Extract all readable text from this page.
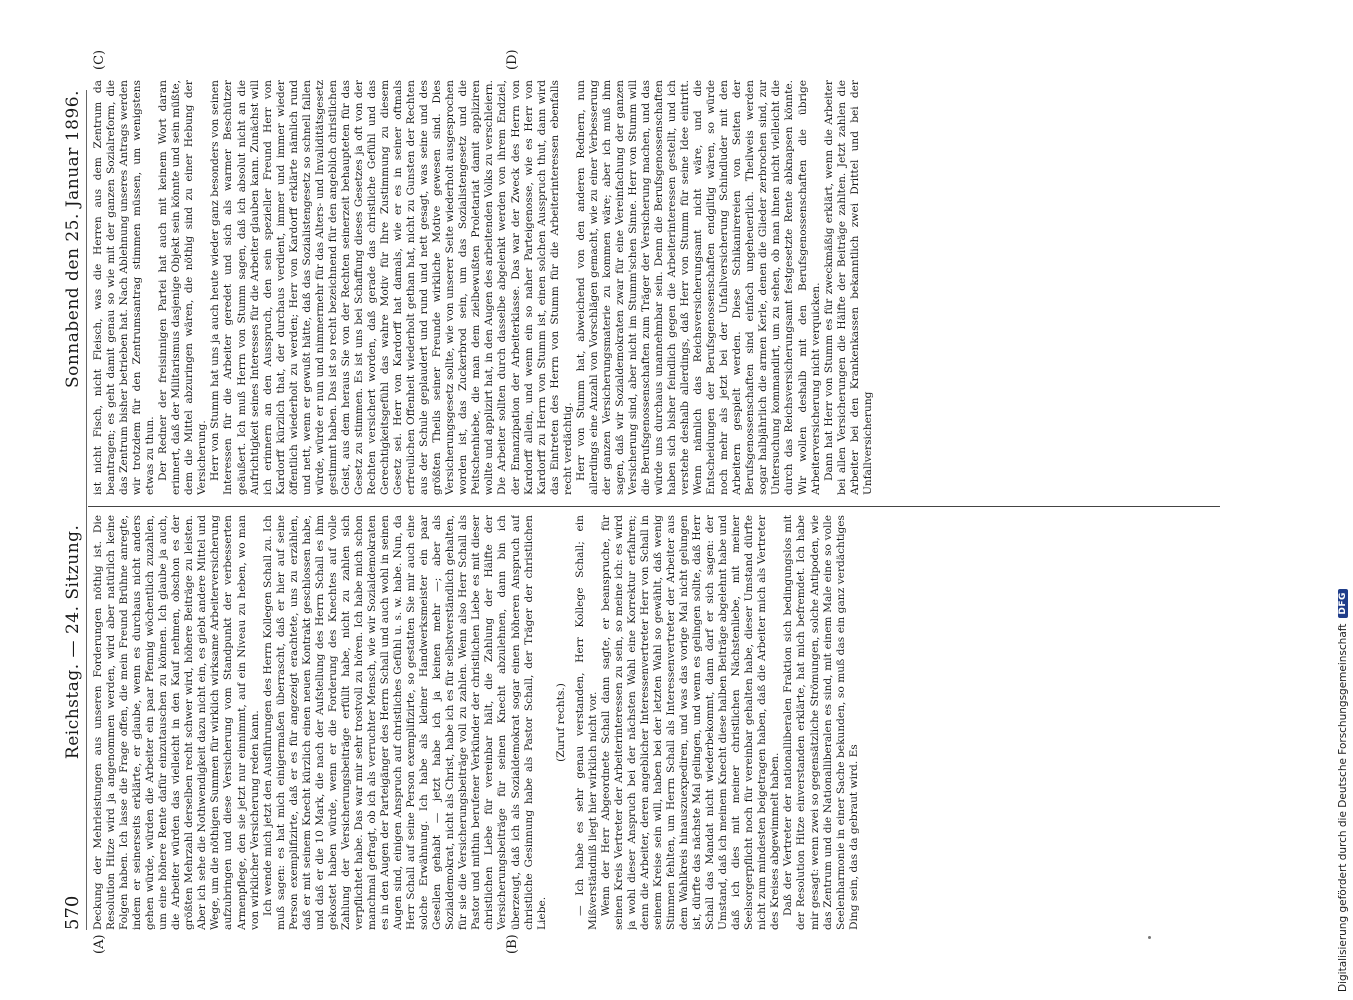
570
Reichstag. — 24. Sitzung.
Sonnabend den 25. Januar 1896.
(A)	(B)
(C)	(D)

Deckung der Mehrleistungen aus unseren Forderungen nöthig ist. Die Resolution Hitze wird ja angenommen werden, wird aber natürlich keine Folgen haben. Ich lasse die Frage offen, die mein Freund Brühne anregte, indem er seinerseits erklärte, er glaube, wenn es durchaus nicht anders gehen würde, würden die Arbeiter ein paar Pfennig wöchentlich zuzahlen, um eine höhere Rente dafür einzutauschen zu können. Ich glaube ja auch, die Arbeiter würden das vielleicht in den Kauf nehmen, obschon es der größten Mehrzahl derselben recht schwer wird, höhere Beiträge zu leisten. Aber ich sehe die Nothwendigkeit dazu nicht ein, es giebt andere Mittel und Wege, um die nöthigen Summen für wirklich wirksame Arbeiterversicherung aufzubringen und diese Versicherung vom Standpunkt der verbesserten Armenpflege, den sie jetzt nur einnimmt, auf ein Niveau zu heben, wo man von wirklicher Versicherung reden kann. Ich wende mich jetzt den Ausführungen des Herrn Kollegen Schall zu. Ich muß sagen: es hat mich einigermaßen überrascht, daß er hier auf seine Person exemplifizirte, daß er es für angezeigt erachtete, uns zu erzählen, daß er mit seinem Knecht kürzlich einen neuen Kontrakt geschlossen habe, und daß er die 10 Mark, die nach der Aufstellung des Herrn Schall es ihm gekostet haben würde, wenn er die Forderung des Knechtes auf volle Zahlung der Versicherungsbeiträge erfüllt habe, nicht zu zahlen sich verpflichtet habe. Das war mir sehr trostvoll zu hören. Ich habe mich schon manchmal gefragt, ob ich als verruchter Mensch, wie wir Sozialdemokraten es in den Augen der Parteigänger des Herrn Schall und auch wohl in seinen Augen sind, einigen Anspruch auf christliches Gefühl u. s. w. habe. Nun, da Herr Schall auf seine Person exemplifizirte, so gestatten Sie mir auch eine solche Erwähnung. Ich habe als kleiner Handwerksmeister ein paar Gesellen gehabt — jetzt habe ich ja keinen mehr —; aber als Sozialdemokrat, nicht als Christ, habe ich es für selbstverständlich gehalten, für sie die Versicherungsbeiträge voll zu zahlen. Wenn also Herr Schall als Pastor und mithin berufener Verkünder der christlichen Liebe es mit dieser christlichen Liebe für vereinbar hält, die Zahlung der Hälfte der Versicherungsbeiträge für seinen Knecht abzulehnen, dann bin ich überzeugt, daß ich als Sozialdemokrat sogar einen höheren Anspruch auf christliche Gesinnung habe als Pastor Schall, der Träger der christlichen Liebe.

(Zuruf rechts.) — Ich habe es sehr genau verstanden, Herr Kollege Schall; ein Mißverständniß liegt hier wirklich nicht vor. Wenn der Herr Abgeordnete Schall dann sagte, er beanspruche, für seinen Kreis Vertreter der Arbeiterinteressen zu sein, so meine ich: es wird ja wohl dieser Anspruch bei der nächsten Wahl eine Korrektur erfahren; denn die Arbeiter, deren angeblicher Interessenvertreter Herr von Schall in seinem Kreise sein will, haben bei der letzten Wahl so gewählt, daß wenig Stimmen fehlten, um Herrn Schall als Interessenvertreter der Arbeiter aus dem Wahlkreis hinauszuexpediren, und was das vorige Mal nicht gelungen ist, dürfte das nächste Mal gelingen, und wenn es gelingen sollte, daß Herr Schall das Mandat nicht wiederbekommt, dann darf er sich sagen: der Umstand, daß ich meinem Knecht diese halben Beiträge abgelehnt habe und daß ich dies mit meiner christlichen Nächstenliebe, mit meiner Seelsorgerpflicht noch für vereinbar gehalten habe, dieser Umstand dürfte nicht zum mindesten beigetragen haben, daß die Arbeiter mich als Vertreter des Kreises abgewimmelt haben. Daß der Vertreter der nationalliberalen Fraktion sich bedingungslos mit der Resolution Hitze einverstanden erklärte, hat mich befremdet. Ich habe mir gesagt: wenn zwei so gegensätzliche Strömungen, solche Antipoden, wie das Zentrum und die Nationalliberalen es sind, mit einem Male eine so volle Seelenharmonie in einer Sache bekunden, so muß das ein ganz verdächtiges Ding sein, das da gebraut wird. Es

ist nicht Fisch, nicht Fleisch, was die Herren aus dem Zentrum da beantragen; es geht damit genau so wie mit der ganzen Sozialreform, die das Zentrum bisher betrieben hat. Nach Ablehnung unseres Antrags werden wir trotzdem für den Zentrumsantrag stimmen müssen, um wenigstens etwas zu thun. Der Redner der freisinnigen Partei hat auch mit keinem Wort daran erinnert, daß der Militarismus dasjenige Objekt sein könnte und sein müßte, dem die Mittel abzuringen wären, die nöthig sind zu einer Hebung der Versicherung. Herr von Stumm hat uns ja auch heute wieder ganz besonders von seinen Interessen für die Arbeiter geredet und sich als warmer Beschützer geäußert. Ich muß Herrn von Stumm sagen, daß ich absolut nicht an die Aufrichtigkeit seines Interesses für die Arbeiter glauben kann. Zunächst will ich erinnern an den Ausspruch, den sein spezieller Freund Herr von Kardorff kürzlich that, der durchaus verdient, immer und immer wieder öffentlich wiederholt zu werden; Herr von Kardorff erklärte nämlich rund und nett, wenn er gewußt hätte, daß das Sozialistengesetz so schnell fallen würde, würde er nun und nimmermehr für das Alters- und Invaliditätsgesetz gestimmt haben. Das ist so recht bezeichnend für den angeblich christlichen Geist, aus dem heraus Sie von der Rechten seinerzeit behaupteten für das Gesetz zu stimmen. Es ist uns bei Schaffung dieses Gesetzes ja oft von der Rechten versichert worden, daß gerade das christliche Gefühl und das Gerechtigkeitsgefühl das wahre Motiv für Ihre Zustimmung zu diesem Gesetz sei. Herr von Kardorff hat damals, wie er es in seiner oftmals erfreulichen Offenheit wiederholt gethan hat, nicht zu Gunsten der Rechten aus der Schule geplaudert und rund und nett gesagt, was seine und des größten Theils seiner Freunde wirkliche Motive gewesen sind. Dies Versicherungsgesetz sollte, wie von unserer Seite wiederholt ausgesprochen worden ist, das Zuckerbrod sein, um das Sozialistengesetz und die Peitschenhiebe, die man dem zielbewußten Proletariat damit appliziren wollte und applizirt hat, in den Augen des arbeitenden Volks zu verschleiern. Die Arbeiter sollten durch dasselbe abgelenkt werden von ihrem Endziel, der Emanzipation der Arbeiterklasse. Das war der Zweck des Herrn von Kardorff allein, und wenn ein so naher Parteigenosse, wie es Herr von Kardorff zu Herrn von Stumm ist, einen solchen Ausspruch thut, dann wird das Eintreten des Herrn von Stumm für die Arbeiterinteressen ebenfalls recht verdächtig. Herr von Stumm hat, abweichend von den anderen Rednern, nun allerdings eine Anzahl von Vorschlägen gemacht, wie zu einer Verbesserung der ganzen Versicherungsmaterie zu kommen wäre; aber ich muß ihm sagen, daß wir Sozialdemokraten zwar für eine Vereinfachung der ganzen Versicherung sind, aber nicht im Stumm'schen Sinne. Herr von Stumm will die Berufsgenossenschaften zum Träger der Versicherung machen, und das würde uns durchaus unannehmbar sein. Denn die Berufsgenossenschaften haben sich bisher feindlich gegen die Arbeiterinteressen gestellt, und ich verstehe deshalb allerdings, daß Herr von Stumm für seine Idee eintritt. Wenn nämlich das Reichsversicherungsamt nicht wäre, und die Entscheidungen der Berufsgenossenschaften endgiltig wären, so würde noch mehr als jetzt bei der Unfallversicherung Schindluder mit den Arbeitern gespielt werden. Diese Schikanirereien von Seiten der Berufsgenossenschaften sind einfach ungeheuerlich. Theilweis werden sogar halbjährlich die armen Kerle, denen die Glieder zerbrochen sind, zur Untersuchung kommandirt, um zu sehen, ob man ihnen nicht vielleicht die durch das Reichsversicherungsamt festgesetzte Rente abknapsen könnte. Wir wollen deshalb mit den Berufsgenossenschaften die übrige Arbeiterversicherung nicht verquicken. Dann hat Herr von Stumm es für zweckmäßig erklärt, wenn die Arbeiter bei allen Versicherungen die Hälfte der Beiträge zahlten. Jetzt zahlen die Arbeiter bei den Krankenkassen bekanntlich zwei Drittel und bei der Unfallversicherung

Digitalisierung gefördert durch die Deutsche Forschungsgemeinschaft
DFG
